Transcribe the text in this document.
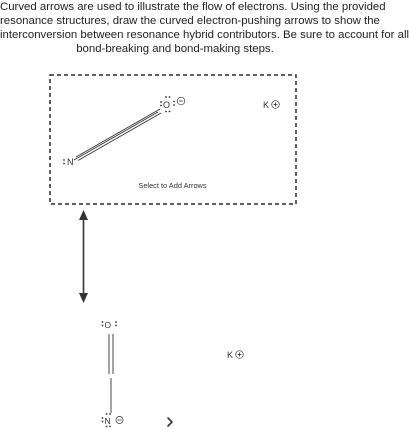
Curved arrows are used to illustrate the flow of electrons. Using the provided
resonance structures, draw the curved electron-pushing arrows to show the
interconversion between resonance hybrid contributors. Be sure to account for all
bond-breaking and bond-making steps.
N
O	K
O
N
K
Select to Add Arrows
